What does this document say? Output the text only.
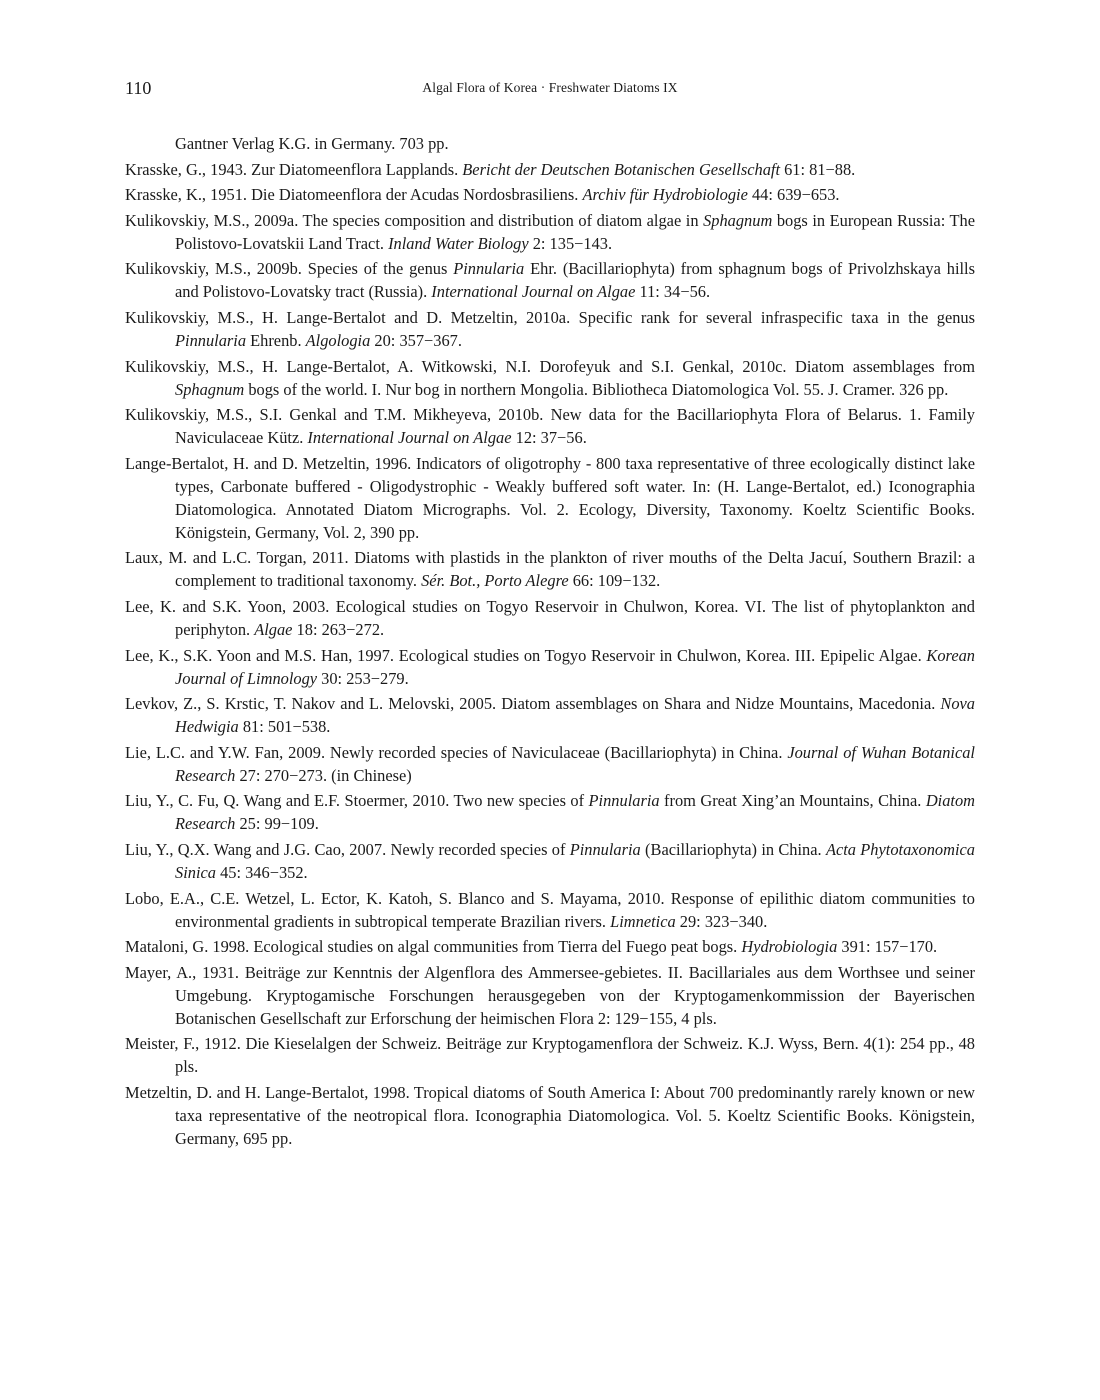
110	Algal Flora of Korea · Freshwater Diatoms IX

Gantner Verlag K.G. in Germany. 703 pp.

Krasske, G., 1943. Zur Diatomeenflora Lapplands. Bericht der Deutschen Botanischen Gesellschaft 61: 81−88.

Krasske, K., 1951. Die Diatomeenflora der Acudas Nordosbrasiliens. Archiv für Hydrobiologie 44: 639−653.

Kulikovskiy, M.S., 2009a. The species composition and distribution of diatom algae in Sphagnum bogs in European Russia: The Polistovo-Lovatskii Land Tract. Inland Water Biology 2: 135−143.

Kulikovskiy, M.S., 2009b. Species of the genus Pinnularia Ehr. (Bacillariophyta) from sphagnum bogs of Privolzhskaya hills and Polistovo-Lovatsky tract (Russia). International Journal on Algae 11: 34−56.

Kulikovskiy, M.S., H. Lange-Bertalot and D. Metzeltin, 2010a. Specific rank for several infraspecific taxa in the genus Pinnularia Ehrenb. Algologia 20: 357−367.

Kulikovskiy, M.S., H. Lange-Bertalot, A. Witkowski, N.I. Dorofeyuk and S.I. Genkal, 2010c. Diatom assemblages from Sphagnum bogs of the world. I. Nur bog in northern Mongolia. Bibliotheca Diatomologica Vol. 55. J. Cramer. 326 pp.

Kulikovskiy, M.S., S.I. Genkal and T.M. Mikheyeva, 2010b. New data for the Bacillariophyta Flora of Belarus. 1. Family Naviculaceae Kütz. International Journal on Algae 12: 37−56.

Lange-Bertalot, H. and D. Metzeltin, 1996. Indicators of oligotrophy - 800 taxa representative of three ecologically distinct lake types, Carbonate buffered - Oligodystrophic - Weakly buffered soft water. In: (H. Lange-Bertalot, ed.) Iconographia Diatomologica. Annotated Diatom Micrographs. Vol. 2. Ecology, Diversity, Taxonomy. Koeltz Scientific Books. Königstein, Germany, Vol. 2, 390 pp.

Laux, M. and L.C. Torgan, 2011. Diatoms with plastids in the plankton of river mouths of the Delta Jacuí, Southern Brazil: a complement to traditional taxonomy. Sér. Bot., Porto Alegre 66: 109−132.

Lee, K. and S.K. Yoon, 2003. Ecological studies on Togyo Reservoir in Chulwon, Korea. VI. The list of phytoplankton and periphyton. Algae 18: 263−272.

Lee, K., S.K. Yoon and M.S. Han, 1997. Ecological studies on Togyo Reservoir in Chulwon, Korea. III. Epipelic Algae. Korean Journal of Limnology 30: 253−279.

Levkov, Z., S. Krstic, T. Nakov and L. Melovski, 2005. Diatom assemblages on Shara and Nidze Mountains, Macedonia. Nova Hedwigia 81: 501−538.

Lie, L.C. and Y.W. Fan, 2009. Newly recorded species of Naviculaceae (Bacillariophyta) in China. Journal of Wuhan Botanical Research 27: 270−273. (in Chinese)

Liu, Y., C. Fu, Q. Wang and E.F. Stoermer, 2010. Two new species of Pinnularia from Great Xing’an Mountains, China. Diatom Research 25: 99−109.

Liu, Y., Q.X. Wang and J.G. Cao, 2007. Newly recorded species of Pinnularia (Bacillariophyta) in China. Acta Phytotaxonomica Sinica 45: 346−352.

Lobo, E.A., C.E. Wetzel, L. Ector, K. Katoh, S. Blanco and S. Mayama, 2010. Response of epilithic diatom communities to environmental gradients in subtropical temperate Brazilian rivers. Limnetica 29: 323−340.

Mataloni, G. 1998. Ecological studies on algal communities from Tierra del Fuego peat bogs. Hydrobiologia 391: 157−170.

Mayer, A., 1931. Beiträge zur Kenntnis der Algenflora des Ammersee-gebietes. II. Bacillariales aus dem Worthsee und seiner Umgebung. Kryptogamische Forschungen herausgegeben von der Kryptogamenkommission der Bayerischen Botanischen Gesellschaft zur Erforschung der heimischen Flora 2: 129−155, 4 pls.

Meister, F., 1912. Die Kieselalgen der Schweiz. Beiträge zur Kryptogamenflora der Schweiz. K.J. Wyss, Bern. 4(1): 254 pp., 48 pls.

Metzeltin, D. and H. Lange-Bertalot, 1998. Tropical diatoms of South America I: About 700 predominantly rarely known or new taxa representative of the neotropical flora. Iconographia Diatomologica. Vol. 5. Koeltz Scientific Books. Königstein, Germany, 695 pp.
